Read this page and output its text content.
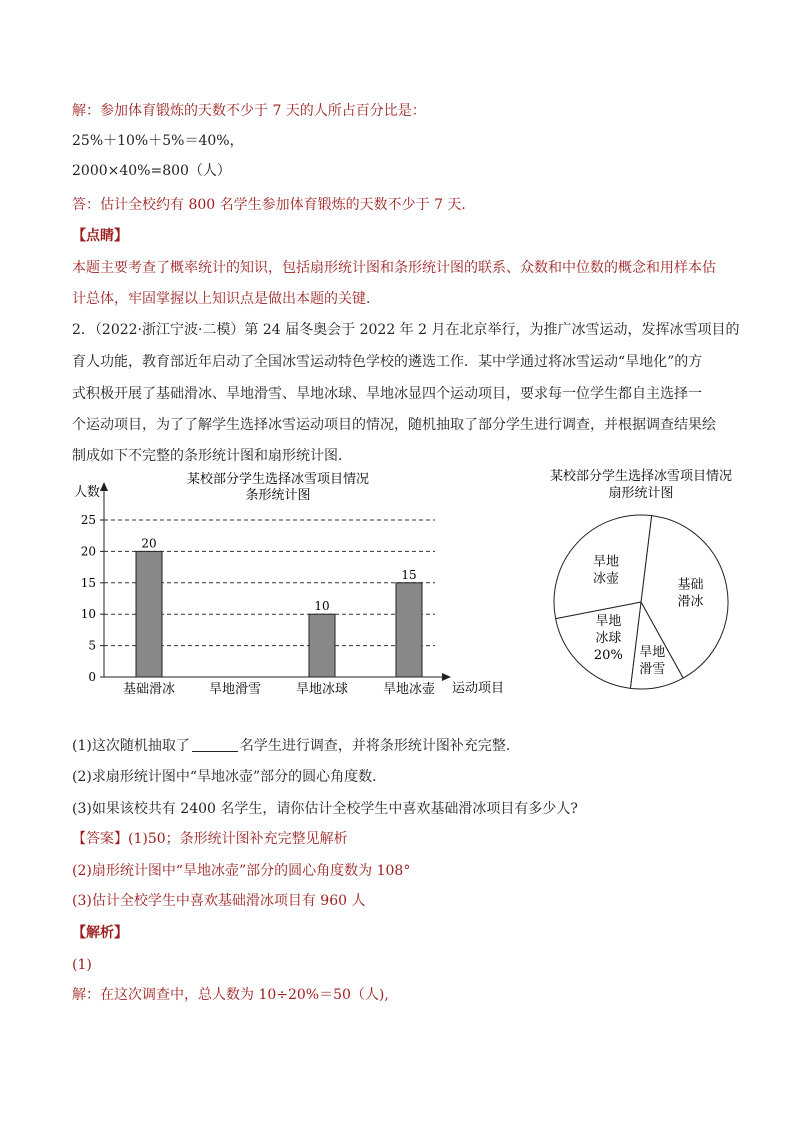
解：参加体育锻炼的天数不少于 7 天的人所占百分比是：
25%＋10%＋5%＝40%，
2000×40%=800（人）
答：估计全校约有 800 名学生参加体育锻炼的天数不少于 7 天．
【点睛】
本题主要考查了概率统计的知识，包括扇形统计图和条形统计图的联系、众数和中位数的概念和用样本估
计总体，牢固掌握以上知识点是做出本题的关键．
2．（2022·浙江宁波·二模）第 24 届冬奥会于 2022 年 2 月在北京举行，为推广冰雪运动，发挥冰雪项目的
育人功能，教育部近年启动了全国冰雪运动特色学校的遴选工作．某中学通过将冰雪运动“旱地化”的方
式积极开展了基础滑冰、旱地滑雪、旱地冰球、旱地冰显四个运动项目，要求每一位学生都自主选择一
个运动项目，为了了解学生选择冰雪运动项目的情况，随机抽取了部分学生进行调查，并根据调查结果绘
制成如下不完整的条形统计图和扇形统计图．
某校部分学生选择冰雪项目情况
条形统计图
人数
运动项目
20
10
15
0
5
10
15
20
25
基础滑冰	旱地滑雪	旱地冰球	旱地冰壶
某校部分学生选择冰雪项目情况
扇形统计图
基础
滑冰
旱地
滑雪
旱地
冰球
20%
旱地
冰壶
(1)这次随机抽取了	名学生进行调查，并将条形统计图补充完整．
(2)求扇形统计图中“旱地冰壶”部分的圆心角度数．
(3)如果该校共有 2400 名学生，请你估计全校学生中喜欢基础滑冰项目有多少人?
【答案】(1)50；条形统计图补充完整见解析
(2)扇形统计图中“旱地冰壶”部分的圆心角度数为 108°
(3)估计全校学生中喜欢基础滑冰项目有 960 人
【解析】
(1)
解：在这次调查中，总人数为 10÷20%＝50（人),
